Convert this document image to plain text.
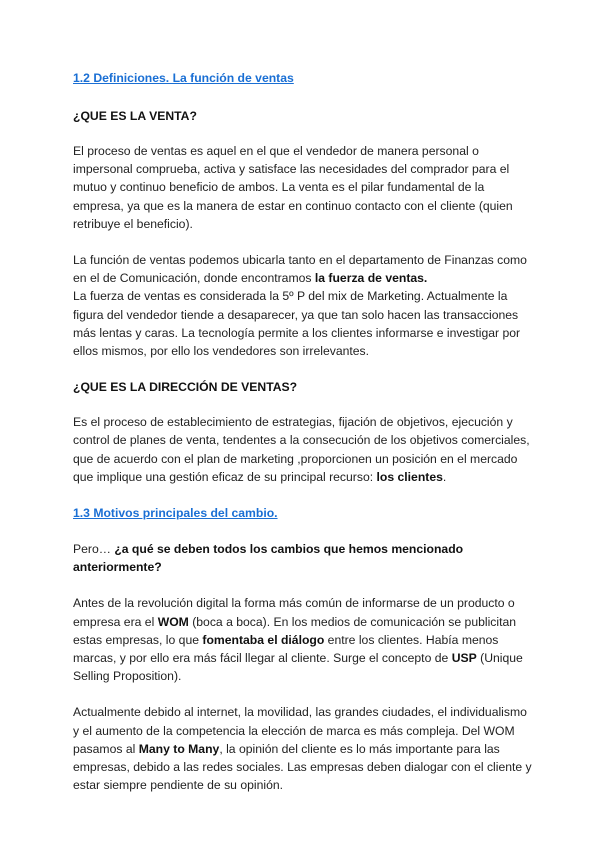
1.2 Definiciones. La función de ventas
¿QUE ES LA VENTA?

El proceso de ventas es aquel en el que el vendedor de manera personal o impersonal comprueba, activa y satisface las necesidades del comprador para el mutuo y continuo beneficio de ambos. La venta es el pilar fundamental de la empresa, ya que es la manera de estar en continuo contacto con el cliente (quien retribuye el beneficio).

La función de ventas podemos ubicarla tanto en el departamento de Finanzas como en el de Comunicación, donde encontramos la fuerza de ventas.

La fuerza de ventas es considerada la 5º P del mix de Marketing. Actualmente la figura del vendedor tiende a desaparecer, ya que tan solo hacen las transacciones más lentas y caras. La tecnología permite a los clientes informarse e investigar por ellos mismos, por ello los vendedores son irrelevantes.

¿QUE ES LA DIRECCIÓN DE VENTAS?

Es el proceso de establecimiento de estrategias, fijación de objetivos, ejecución y control de planes de venta, tendentes a la consecución de los objetivos comerciales, que de acuerdo con el plan de marketing ,proporcionen un posición en el mercado que implique una gestión eficaz de su principal recurso: los clientes.

1.3 Motivos principales del cambio.

Pero… ¿a qué se deben todos los cambios que hemos mencionado anteriormente?

Antes de la revolución digital la forma más común de informarse de un producto o empresa era el WOM (boca a boca). En los medios de comunicación se publicitan estas empresas, lo que fomentaba el diálogo entre los clientes. Había menos marcas, y por ello era más fácil llegar al cliente. Surge el concepto de USP (Unique Selling Proposition).

Actualmente debido al internet, la movilidad, las grandes ciudades, el individualismo y el aumento de la competencia la elección de marca es más compleja. Del WOM pasamos al Many to Many, la opinión del cliente es lo más importante para las empresas, debido a las redes sociales. Las empresas deben dialogar con el cliente y estar siempre pendiente de su opinión.
